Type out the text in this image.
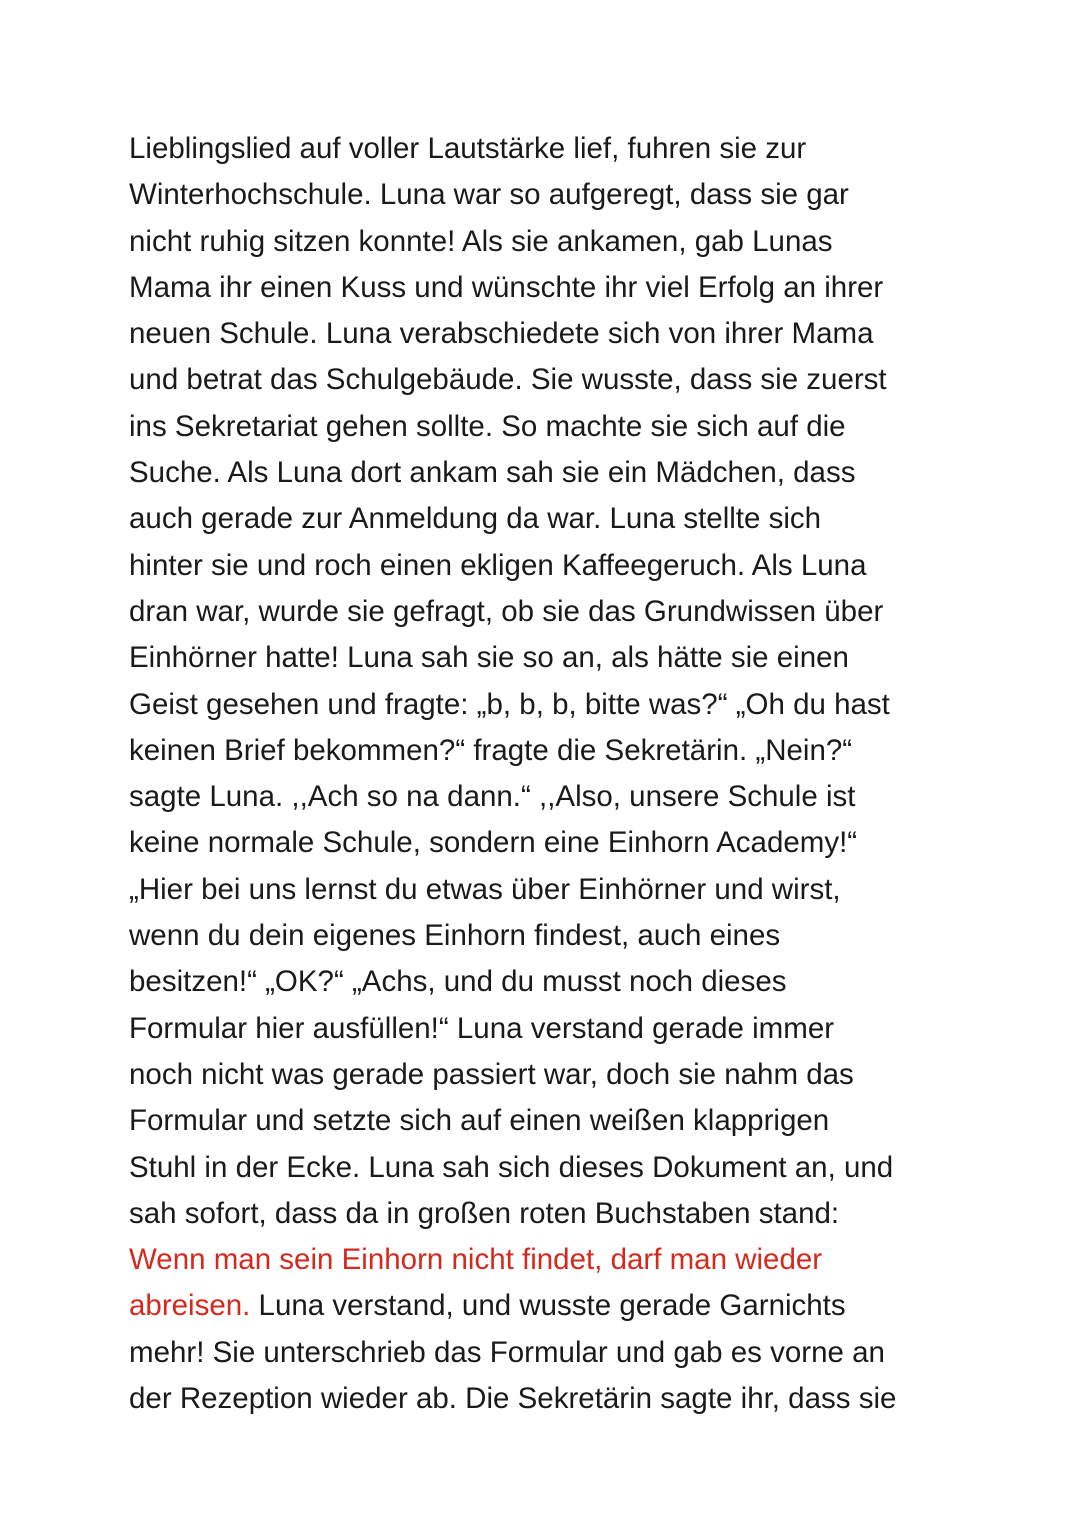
Lieblingslied auf voller Lautstärke lief, fuhren sie zur
Winterhochschule. Luna war so aufgeregt, dass sie gar
nicht ruhig sitzen konnte! Als sie ankamen, gab Lunas
Mama ihr einen Kuss und wünschte ihr viel Erfolg an ihrer
neuen Schule. Luna verabschiedete sich von ihrer Mama
und betrat das Schulgebäude. Sie wusste, dass sie zuerst
ins Sekretariat gehen sollte. So machte sie sich auf die
Suche. Als Luna dort ankam sah sie ein Mädchen, dass
auch gerade zur Anmeldung da war. Luna stellte sich
hinter sie und roch einen ekligen Kaffeegeruch. Als Luna
dran war, wurde sie gefragt, ob sie das Grundwissen über
Einhörner hatte! Luna sah sie so an, als hätte sie einen
Geist gesehen und fragte: „b, b, b, bitte was?“ „Oh du hast
keinen Brief bekommen?“ fragte die Sekretärin. „Nein?“
sagte Luna. ,,Ach so na dann.“ ,,Also, unsere Schule ist
keine normale Schule, sondern eine Einhorn Academy!“
„Hier bei uns lernst du etwas über Einhörner und wirst,
wenn du dein eigenes Einhorn findest, auch eines
besitzen!“ „OK?“ „Achs, und du musst noch dieses
Formular hier ausfüllen!“ Luna verstand gerade immer
noch nicht was gerade passiert war, doch sie nahm das
Formular und setzte sich auf einen weißen klapprigen
Stuhl in der Ecke. Luna sah sich dieses Dokument an, und
sah sofort, dass da in großen roten Buchstaben stand:
Wenn man sein Einhorn nicht findet, darf man wieder
abreisen. Luna verstand, und wusste gerade Garnichts
mehr! Sie unterschrieb das Formular und gab es vorne an
der Rezeption wieder ab. Die Sekretärin sagte ihr, dass sie
